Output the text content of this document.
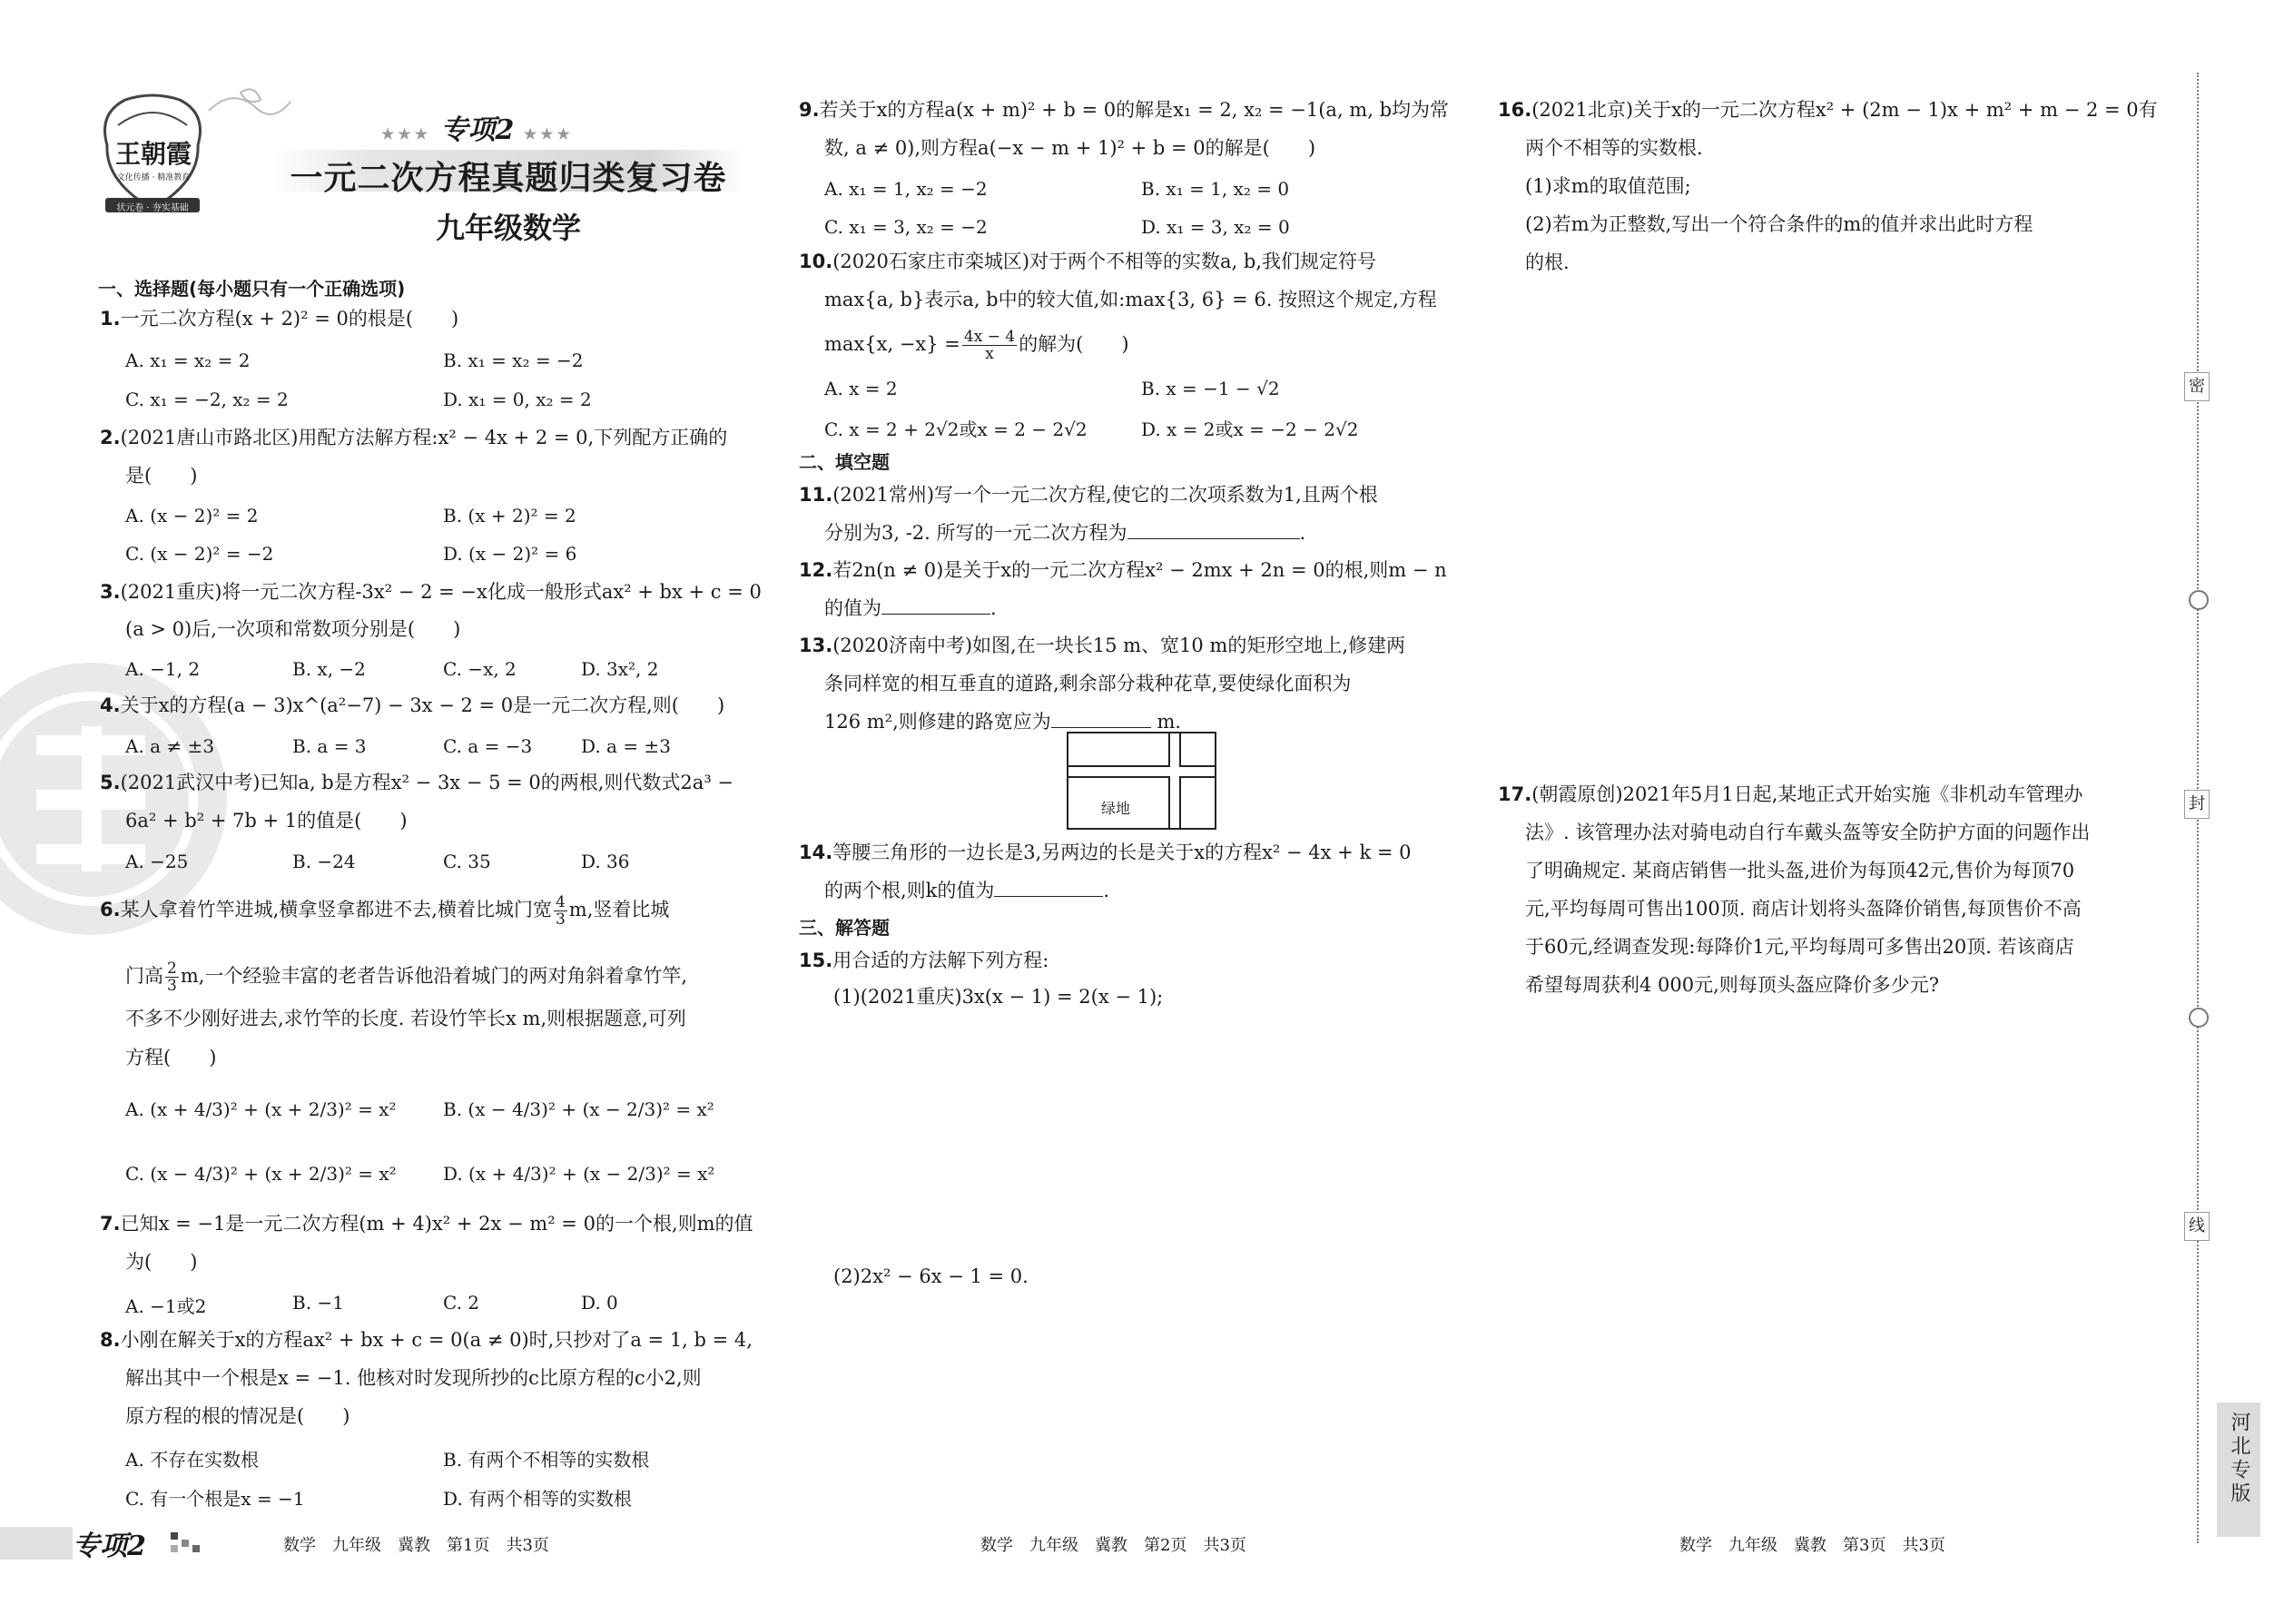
王朝霞
文化传播 · 精准教育
状元卷 · 夯实基础
★★★ 专项2 ★★★
一元二次方程真题归类复习卷
九年级数学
一、选择题(每小题只有一个正确选项)
1.一元二次方程(x + 2)² = 0的根是(　　)
A. x₁ = x₂ = 2	B. x₁ = x₂ = −2
C. x₁ = −2, x₂ = 2	D. x₁ = 0, x₂ = 2
2.(2021唐山市路北区)用配方法解方程:x² − 4x + 2 = 0,下列配方正确的
是(　　)
A. (x − 2)² = 2	B. (x + 2)² = 2
C. (x − 2)² = −2	D. (x − 2)² = 6
3.(2021重庆)将一元二次方程-3x² − 2 = −x化成一般形式ax² + bx + c = 0
(a > 0)后,一次项和常数项分别是(　　)
A. −1, 2	B. x, −2	C. −x, 2	D. 3x², 2
4.关于x的方程(a − 3)x^(a²−7) − 3x − 2 = 0是一元二次方程,则(　　)
A. a ≠ ±3	B. a = 3	C. a = −3	D. a = ±3
5.(2021武汉中考)已知a, b是方程x² − 3x − 5 = 0的两根,则代数式2a³ −
6a² + b² + 7b + 1的值是(　　)
A. −25	B. −24	C. 35	D. 36
6.某人拿着竹竿进城,横拿竖拿都进不去,横着比城门宽 $\frac{4}{3} m$,竖着比城
门高 $\frac{2}{3} m$,一个经验丰富的老者告诉他沿着城门的两对角斜着拿竹竿,
不多不少刚好进去,求竹竿的长度. 若设竹竿长x m,则根据题意,可列
方程(　　)
A. (x + 4/3)² + (x + 2/3)² = x²	B. (x − 4/3)² + (x − 2/3)² = x²
C. (x − 4/3)² + (x + 2/3)² = x²	D. (x + 4/3)² + (x − 2/3)² = x²
7.已知x = −1是一元二次方程(m + 4)x² + 2x − m² = 0的一个根,则m的值
为(　　)
A. −1或2	B. −1	C. 2	D. 0
8.小刚在解关于x的方程ax² + bx + c = 0(a ≠ 0)时,只抄对了a = 1, b = 4,
解出其中一个根是x = −1. 他核对时发现所抄的c比原方程的c小2,则
原方程的根的情况是(　　)
A. 不存在实数根	B. 有两个不相等的实数根
C. 有一个根是x = −1	D. 有两个相等的实数根
9.若关于x的方程a(x + m)² + b = 0的解是x₁ = 2, x₂ = −1(a, m, b均为常
数, a ≠ 0),则方程a(−x − m + 1)² + b = 0的解是(　　)
A. x₁ = 1, x₂ = −2	B. x₁ = 1, x₂ = 0
C. x₁ = 3, x₂ = −2	D. x₁ = 3, x₂ = 0
10.(2020石家庄市栾城区)对于两个不相等的实数a, b,我们规定符号
max{a, b}表示a, b中的较大值,如:max{3, 6} = 6. 按照这个规定,方程
max{x, $-x\} = \frac{4x - 4}{x}$ 的解为(　　)
A. x = 2	B. x = −1 − √2
C. x = 2 + 2√2或x = 2 − 2√2	D. x = 2或x = −2 − 2√2
二、填空题
11.(2021常州)写一个一元二次方程,使它的二次项系数为1,且两个根
分别为3, -2. 所写的一元二次方程为	.
12.若2n(n ≠ 0)是关于x的一元二次方程x² − 2mx + 2n = 0的根,则m − n
的值为	.
13.(2020济南中考)如图,在一块长15 m、宽10 m的矩形空地上,修建两
条同样宽的相互垂直的道路,剩余部分栽种花草,要使绿化面积为
126 m²,则修建的路宽应为	m.
绿地
14.等腰三角形的一边长是3,另两边的长是关于x的方程x² − 4x + k = 0
的两个根,则k的值为	.
三、解答题
15.用合适的方法解下列方程:
(1)(2021重庆)3x(x − 1) = 2(x − 1);
(2)2x² − 6x − 1 = 0.
16.(2021北京)关于x的一元二次方程x² + (2m − 1)x + m² + m − 2 = 0有
两个不相等的实数根.
(1)求m的取值范围;
(2)若m为正整数,写出一个符合条件的m的值并求出此时方程
的根.
17.(朝霞原创)2021年5月1日起,某地正式开始实施《非机动车管理办
法》. 该管理办法对骑电动自行车戴头盔等安全防护方面的问题作出
了明确规定. 某商店销售一批头盔,进价为每顶42元,售价为每顶70
元,平均每周可售出100顶. 商店计划将头盔降价销售,每顶售价不高
于60元,经调查发现:每降价1元,平均每周可多售出20顶. 若该商店
希望每周获利4 000元,则每顶头盔应降价多少元?
密
封
线
河北专版
专项2	数学　九年级　冀教　第1页　共3页	数学　九年级　冀教　第2页　共3页	数学　九年级　冀教　第3页　共3页
